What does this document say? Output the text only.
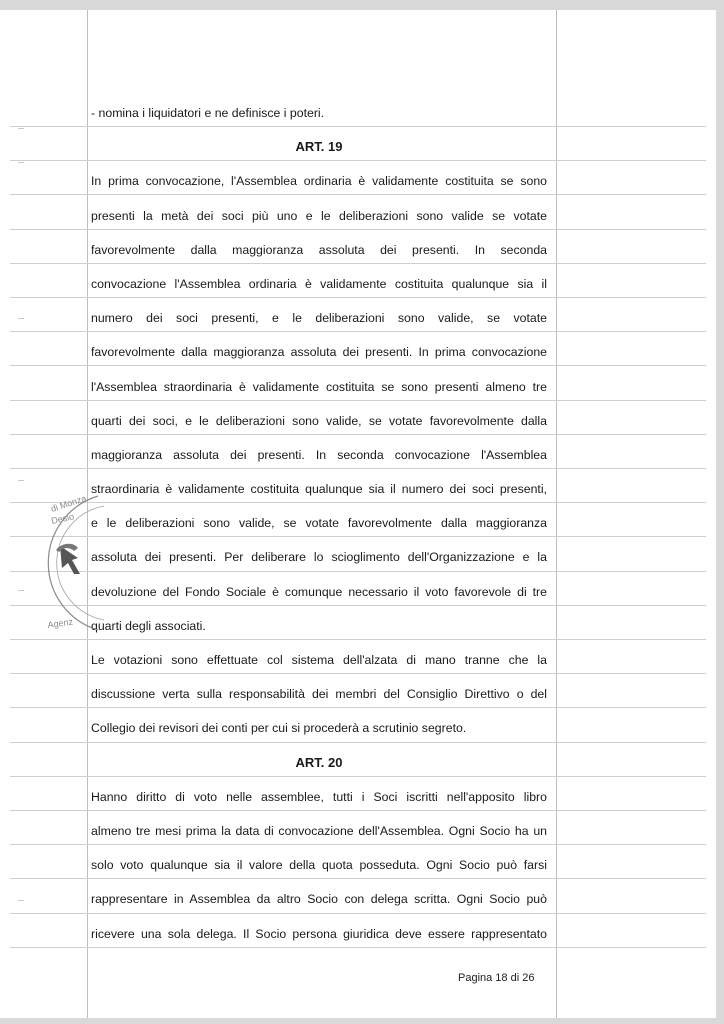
- nomina i liquidatori e ne definisce i poteri.
ART. 19
In prima convocazione, l'Assemblea ordinaria è validamente costituita se sono
presenti la metà dei soci più uno e le deliberazioni sono valide se votate
favorevolmente dalla maggioranza assoluta dei presenti. In seconda
convocazione l'Assemblea ordinaria è validamente costituita qualunque sia il
numero dei soci presenti, e le deliberazioni sono valide, se votate
favorevolmente dalla maggioranza assoluta dei presenti. In prima convocazione
l'Assemblea straordinaria è validamente costituita se sono presenti almeno tre
quarti dei soci, e le deliberazioni sono valide, se votate favorevolmente dalla
maggioranza assoluta dei presenti. In seconda convocazione l'Assemblea
straordinaria è validamente costituita qualunque sia il numero dei soci presenti,
e le deliberazioni sono valide, se votate favorevolmente dalla maggioranza
assoluta dei presenti. Per deliberare lo scioglimento dell'Organizzazione e la
devoluzione del Fondo Sociale è comunque necessario il voto favorevole di tre
quarti degli associati.
Le votazioni sono effettuate col sistema dell'alzata di mano tranne che la
discussione verta sulla responsabilità dei membri del Consiglio Direttivo o del
Collegio dei revisori dei conti per cui si procederà a scrutinio segreto.
ART. 20
Hanno diritto di voto nelle assemblee, tutti i Soci iscritti nell'apposito libro
almeno tre mesi prima la data di convocazione dell'Assemblea. Ogni Socio ha un
solo voto qualunque sia il valore della quota posseduta. Ogni Socio può farsi
rappresentare in Assemblea da altro Socio con delega scritta. Ogni Socio può
ricevere una sola delega. Il Socio persona giuridica deve essere rappresentato
di Monza
Desio
Agenz
Pagina 18 di 26
